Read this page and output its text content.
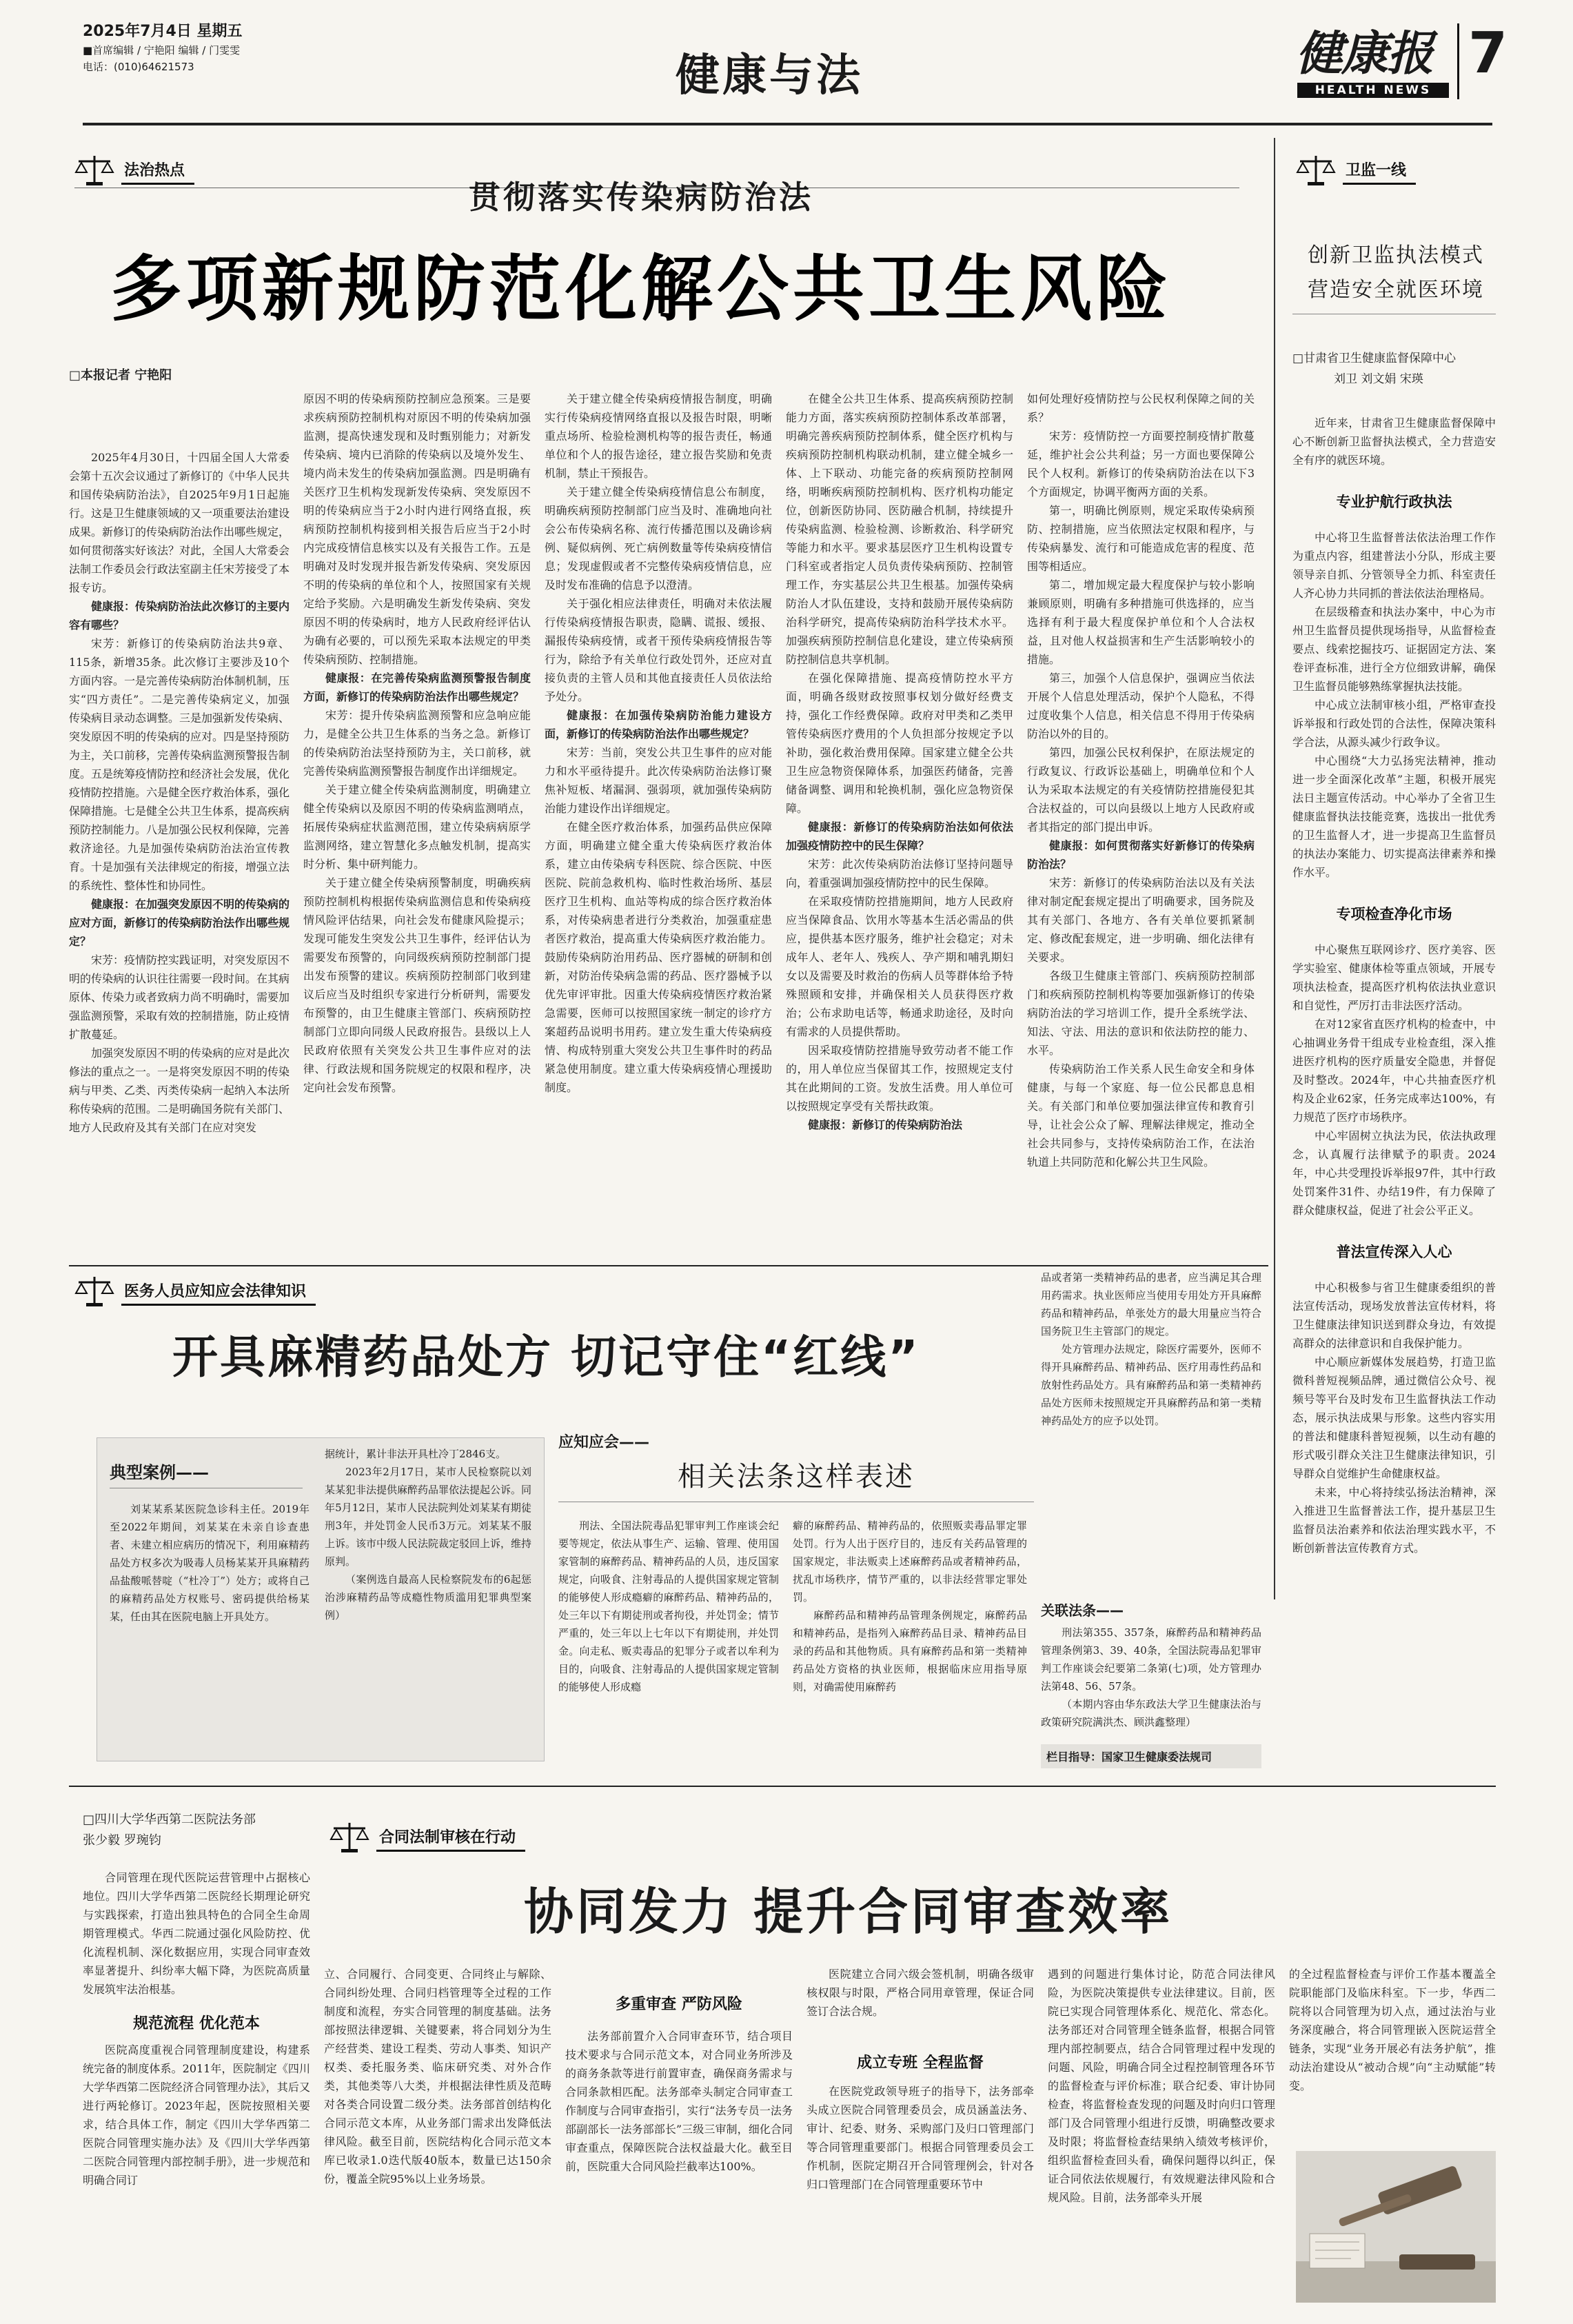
2025年7月4日 星期五
■首席编辑 / 宁艳阳 编辑 / 门雯雯
电话：(010)64621573	健康与法	健康报
HEALTH NEWS
7
法治热点
贯彻落实传染病防治法
多项新规防范化解公共卫生风险
□本报记者 宁艳阳

2025年4月30日，十四届全国人大常委会第十五次会议通过了新修订的《中华人民共和国传染病防治法》，自2025年9月1日起施行。这是卫生健康领域的又一项重要法治建设成果。新修订的传染病防治法作出哪些规定，如何贯彻落实好该法？对此，全国人大常委会法制工作委员会行政法室副主任宋芳接受了本报专访。

健康报：传染病防治法此次修订的主要内容有哪些？

宋芳：新修订的传染病防治法共9章、115条，新增35条。此次修订主要涉及10个方面内容。一是完善传染病防治体制机制，压实“四方责任”。二是完善传染病定义，加强传染病目录动态调整。三是加强新发传染病、突发原因不明的传染病的应对。四是坚持预防为主，关口前移，完善传染病监测预警报告制度。五是统筹疫情防控和经济社会发展，优化疫情防控措施。六是健全医疗救治体系，强化保障措施。七是健全公共卫生体系，提高疾病预防控制能力。八是加强公民权利保障，完善救济途径。九是加强传染病防治法治宣传教育。十是加强有关法律规定的衔接，增强立法的系统性、整体性和协同性。

健康报：在加强突发原因不明的传染病的应对方面，新修订的传染病防治法作出哪些规定？

宋芳：疫情防控实践证明，对突发原因不明的传染病的认识往往需要一段时间。在其病原体、传染力或者致病力尚不明确时，需要加强监测预警，采取有效的控制措施，防止疫情扩散蔓延。

加强突发原因不明的传染病的应对是此次修法的重点之一。一是将突发原因不明的传染病与甲类、乙类、丙类传染病一起纳入本法所称传染病的范围。二是明确国务院有关部门、地方人民政府及其有关部门在应对突发

原因不明的传染病预防控制应急预案。三是要求疾病预防控制机构对原因不明的传染病加强监测，提高快速发现和及时甄别能力；对新发传染病、境内已消除的传染病以及境外发生、境内尚未发生的传染病加强监测。四是明确有关医疗卫生机构发现新发传染病、突发原因不明的传染病应当于2小时内进行网络直报，疾病预防控制机构接到相关报告后应当于2小时内完成疫情信息核实以及有关报告工作。五是明确对及时发现并报告新发传染病、突发原因不明的传染病的单位和个人，按照国家有关规定给予奖励。六是明确发生新发传染病、突发原因不明的传染病时，地方人民政府经评估认为确有必要的，可以预先采取本法规定的甲类传染病预防、控制措施。

健康报：在完善传染病监测预警报告制度方面，新修订的传染病防治法作出哪些规定？

宋芳：提升传染病监测预警和应急响应能力，是健全公共卫生体系的当务之急。新修订的传染病防治法坚持预防为主，关口前移，就完善传染病监测预警报告制度作出详细规定。

关于建立健全传染病监测制度，明确建立健全传染病以及原因不明的传染病监测哨点，拓展传染病症状监测范围，建立传染病病原学监测网络，建立智慧化多点触发机制，提高实时分析、集中研判能力。

关于建立健全传染病预警制度，明确疾病预防控制机构根据传染病监测信息和传染病疫情风险评估结果，向社会发布健康风险提示；发现可能发生突发公共卫生事件，经评估认为需要发布预警的，向同级疾病预防控制部门提出发布预警的建议。疾病预防控制部门收到建议后应当及时组织专家进行分析研判，需要发布预警的，由卫生健康主管部门、疾病预防控制部门立即向同级人民政府报告。县级以上人民政府依照有关突发公共卫生事件应对的法律、行政法规和国务院规定的权限和程序，决定向社会发布预警。

关于建立健全传染病疫情报告制度，明确实行传染病疫情网络直报以及报告时限，明晰重点场所、检验检测机构等的报告责任，畅通单位和个人的报告途径，建立报告奖励和免责机制，禁止干预报告。

关于建立健全传染病疫情信息公布制度，明确疾病预防控制部门应当及时、准确地向社会公布传染病名称、流行传播范围以及确诊病例、疑似病例、死亡病例数量等传染病疫情信息；发现虚假或者不完整传染病疫情信息，应及时发布准确的信息予以澄清。

关于强化相应法律责任，明确对未依法履行传染病疫情报告职责，隐瞒、谎报、缓报、漏报传染病疫情，或者干预传染病疫情报告等行为，除给予有关单位行政处罚外，还应对直接负责的主管人员和其他直接责任人员依法给予处分。

健康报：在加强传染病防治能力建设方面，新修订的传染病防治法作出哪些规定？

宋芳：当前，突发公共卫生事件的应对能力和水平亟待提升。此次传染病防治法修订聚焦补短板、堵漏洞、强弱项，就加强传染病防治能力建设作出详细规定。

在健全医疗救治体系，加强药品供应保障方面，明确建立健全重大传染病医疗救治体系，建立由传染病专科医院、综合医院、中医医院、院前急救机构、临时性救治场所、基层医疗卫生机构、血站等构成的综合医疗救治体系，对传染病患者进行分类救治，加强重症患者医疗救治，提高重大传染病医疗救治能力。鼓励传染病防治用药品、医疗器械的研制和创新，对防治传染病急需的药品、医疗器械予以优先审评审批。因重大传染病疫情医疗救治紧急需要，医师可以按照国家统一制定的诊疗方案超药品说明书用药。建立发生重大传染病疫情、构成特别重大突发公共卫生事件时的药品紧急使用制度。建立重大传染病疫情心理援助制度。

在健全公共卫生体系、提高疾病预防控制能力方面，落实疾病预防控制体系改革部署，明确完善疾病预防控制体系，健全医疗机构与疾病预防控制机构联动机制，建立健全城乡一体、上下联动、功能完备的疾病预防控制网络，明晰疾病预防控制机构、医疗机构功能定位，创新医防协同、医防融合机制，持续提升传染病监测、检验检测、诊断救治、科学研究等能力和水平。要求基层医疗卫生机构设置专门科室或者指定人员负责传染病预防、控制管理工作，夯实基层公共卫生根基。加强传染病防治人才队伍建设，支持和鼓励开展传染病防治科学研究，提高传染病防治科学技术水平。加强疾病预防控制信息化建设，建立传染病预防控制信息共享机制。

在强化保障措施、提高疫情防控水平方面，明确各级财政按照事权划分做好经费支持，强化工作经费保障。政府对甲类和乙类甲管传染病医疗费用的个人负担部分按规定予以补助，强化救治费用保障。国家建立健全公共卫生应急物资保障体系，加强医药储备，完善储备调整、调用和轮换机制，强化应急物资保障。

健康报：新修订的传染病防治法如何依法加强疫情防控中的民生保障？

宋芳：此次传染病防治法修订坚持问题导向，着重强调加强疫情防控中的民生保障。

在采取疫情防控措施期间，地方人民政府应当保障食品、饮用水等基本生活必需品的供应，提供基本医疗服务，维护社会稳定；对未成年人、老年人、残疾人、孕产期和哺乳期妇女以及需要及时救治的伤病人员等群体给予特殊照顾和安排，并确保相关人员获得医疗救治；公布求助电话等，畅通求助途径，及时向有需求的人员提供帮助。

因采取疫情防控措施导致劳动者不能工作的，用人单位应当保留其工作，按照规定支付其在此期间的工资。发放生活费。用人单位可以按照规定享受有关帮扶政策。

健康报：新修订的传染病防治法

如何处理好疫情防控与公民权利保障之间的关系？

宋芳：疫情防控一方面要控制疫情扩散蔓延，维护社会公共利益；另一方面也要保障公民个人权利。新修订的传染病防治法在以下3个方面规定，协调平衡两方面的关系。

第一，明确比例原则，规定采取传染病预防、控制措施，应当依照法定权限和程序，与传染病暴发、流行和可能造成危害的程度、范围等相适应。

第二，增加规定最大程度保护与较小影响兼顾原则，明确有多种措施可供选择的，应当选择有利于最大程度保护单位和个人合法权益，且对他人权益损害和生产生活影响较小的措施。

第三，加强个人信息保护，强调应当依法开展个人信息处理活动，保护个人隐私，不得过度收集个人信息，相关信息不得用于传染病防治以外的目的。

第四，加强公民权利保护，在原法规定的行政复议、行政诉讼基础上，明确单位和个人认为采取本法规定的有关疫情防控措施侵犯其合法权益的，可以向县级以上地方人民政府或者其指定的部门提出申诉。

健康报：如何贯彻落实好新修订的传染病防治法？

宋芳：新修订的传染病防治法以及有关法律对制定配套规定提出了明确要求，国务院及其有关部门、各地方、各有关单位要抓紧制定、修改配套规定，进一步明确、细化法律有关要求。

各级卫生健康主管部门、疾病预防控制部门和疾病预防控制机构等要加强新修订的传染病防治法的学习培训工作，提升全系统学法、知法、守法、用法的意识和依法防控的能力、水平。

传染病防治工作关系人民生命安全和身体健康，与每一个家庭、每一位公民都息息相关。有关部门和单位要加强法律宣传和教育引导，让社会公众了解、理解法律规定，推动全社会共同参与，支持传染病防治工作，在法治轨道上共同防范和化解公共卫生风险。

卫监一线
创新卫监执法模式
营造安全就医环境
□甘肃省卫生健康监督保障中心
刘卫 刘文娟 宋瑛

近年来，甘肃省卫生健康监督保障中心不断创新卫监督执法模式，全力营造安全有序的就医环境。

专业护航行政执法

中心将卫生监督普法依法治理工作作为重点内容，组建普法小分队，形成主要领导亲自抓、分管领导全力抓、科室责任人齐心协力共同抓的普法依法治理格局。

在层级稽查和执法办案中，中心为市州卫生监督员提供现场指导，从监督检查要点、线索挖掘技巧、证据固定方法、案卷评查标准，进行全方位细致讲解，确保卫生监督员能够熟练掌握执法技能。

中心成立法制审核小组，严格审查投诉举报和行政处罚的合法性，保障决策科学合法，从源头减少行政争议。

中心围绕“大力弘扬宪法精神，推动进一步全面深化改革”主题，积极开展宪法日主题宣传活动。中心举办了全省卫生健康监督执法技能竞赛，选拔出一批优秀的卫生监督人才，进一步提高卫生监督员的执法办案能力、切实提高法律素养和操作水平。

专项检查净化市场

中心聚焦互联网诊疗、医疗美容、医学实验室、健康体检等重点领域，开展专项执法检查，提高医疗机构依法执业意识和自觉性，严厉打击非法医疗活动。

在对12家省直医疗机构的检查中，中心抽调业务骨干组成专业检查组，深入推进医疗机构的医疗质量安全隐患，并督促及时整改。2024年，中心共抽查医疗机构及企业62家，任务完成率达100%，有力规范了医疗市场秩序。

中心牢固树立执法为民，依法执政理念，认真履行法律赋予的职责。2024年，中心共受理投诉举报97件，其中行政处罚案件31件、办结19件，有力保障了群众健康权益，促进了社会公平正义。

普法宣传深入人心

中心积极参与省卫生健康委组织的普法宣传活动，现场发放普法宣传材料，将卫生健康法律知识送到群众身边，有效提高群众的法律意识和自我保护能力。

中心顺应新媒体发展趋势，打造卫监微科普短视频品牌，通过微信公众号、视频号等平台及时发布卫生监督执法工作动态，展示执法成果与形象。这些内容实用的普法和健康科普短视频，以生动有趣的形式吸引群众关注卫生健康法律知识，引导群众自觉维护生命健康权益。

未来，中心将持续弘扬法治精神，深入推进卫生监督普法工作，提升基层卫生监督员法治素养和依法治理实践水平，不断创新普法宣传教育方式。

医务人员应知应会法律知识
开具麻精药品处方 切记守住“红线”
典型案例——

刘某某系某医院急诊科主任。2019年至2022年期间，刘某某在未亲自诊查患者、未建立相应病历的情况下，利用麻精药品处方权多次为吸毒人员杨某某开具麻精药品盐酸哌替啶（“杜冷丁”）处方；或将自己的麻精药品处方权账号、密码提供给杨某某，任由其在医院电脑上开具处方。

据统计，累计非法开具杜冷丁2846支。

2023年2月17日，某市人民检察院以刘某某犯非法提供麻醉药品罪依法提起公诉。同年5月12日，某市人民法院判处刘某某有期徒刑3年，并处罚金人民币3万元。刘某某不服上诉。该市中级人民法院裁定驳回上诉，维持原判。

（案例选自最高人民检察院发布的6起惩治涉麻精药品等成瘾性物质滥用犯罪典型案例）

应知应会——
相关法条这样表述

刑法、全国法院毒品犯罪审判工作座谈会纪要等规定，依法从事生产、运输、管理、使用国家管制的麻醉药品、精神药品的人员，违反国家规定，向吸食、注射毒品的人提供国家规定管制的能够使人形成瘾癖的麻醉药品、精神药品的，处三年以下有期徒刑或者拘役，并处罚金；情节严重的，处三年以上七年以下有期徒刑，并处罚金。向走私、贩卖毒品的犯罪分子或者以牟利为目的，向吸食、注射毒品的人提供国家规定管制的能够使人形成瘾

癖的麻醉药品、精神药品的，依照贩卖毒品罪定罪处罚。行为人出于医疗目的，违反有关药品管理的国家规定，非法贩卖上述麻醉药品或者精神药品，扰乱市场秩序，情节严重的，以非法经营罪定罪处罚。

麻醉药品和精神药品管理条例规定，麻醉药品和精神药品，是指列入麻醉药品目录、精神药品目录的药品和其他物质。具有麻醉药品和第一类精神药品处方资格的执业医师，根据临床应用指导原则，对确需使用麻醉药

品或者第一类精神药品的患者，应当满足其合理用药需求。执业医师应当使用专用处方开具麻醉药品和精神药品，单张处方的最大用量应当符合国务院卫生主管部门的规定。

处方管理办法规定，除医疗需要外，医师不得开具麻醉药品、精神药品、医疗用毒性药品和放射性药品处方。具有麻醉药品和第一类精神药品处方医师未按照规定开具麻醉药品和第一类精神药品处方的应予以处罚。

关联法条——

刑法第355、357条，麻醉药品和精神药品管理条例第3、39、40条，全国法院毒品犯罪审判工作座谈会纪要第二条第(七)项，处方管理办法第48、56、57条。

（本期内容由华东政法大学卫生健康法治与政策研究院满洪杰、顾洪鑫整理）

栏目指导：国家卫生健康委法规司
□四川大学华西第二医院法务部
张少毅 罗琬钧	合同法制审核在行动
协同发力 提升合同审查效率

合同管理在现代医院运营管理中占据核心地位。四川大学华西第二医院经长期理论研究与实践探索，打造出独具特色的合同全生命周期管理模式。华西二院通过强化风险防控、优化流程机制、深化数据应用，实现合同审查效率显著提升、纠纷率大幅下降，为医院高质量发展筑牢法治根基。

规范流程 优化范本

医院高度重视合同管理制度建设，构建系统完备的制度体系。2011年，医院制定《四川大学华西第二医院经济合同管理办法》，其后又进行两轮修订。2023年起，医院按照相关要求，结合具体工作，制定《四川大学华西第二医院合同管理实施办法》及《四川大学华西第二医院合同管理内部控制手册》，进一步规范和明确合同订

立、合同履行、合同变更、合同终止与解除、合同纠纷处理、合同归档管理等全过程的工作制度和流程，夯实合同管理的制度基础。法务部按照法律逻辑、关键要素，将合同划分为生产经营类、建设工程类、劳动人事类、知识产权类、委托服务类、临床研究类、对外合作类，其他类等八大类，并根据法律性质及范畴对各类合同设置二级分类。法务部首创结构化合同示范文本库，从业务部门需求出发降低法律风险。截至目前，医院结构化合同示范文本库已收录1.0迭代版40版本，数量已达150余份，覆盖全院95%以上业务场景。

多重审查 严防风险

法务部前置介入合同审查环节，结合项目技术要求与合同示范文本，对合同业务所涉及的商务条款等进行前置审查，确保商务需求与合同条款相匹配。法务部牵头制定合同审查工作制度与合同审查指引，实行“法务专员一法务部副部长一法务部部长”三级三审制，细化合同审查重点，保障医院合法权益最大化。截至目前，医院重大合同风险拦截率达100%。

医院建立合同六级会签机制，明确各级审核权限与时限，严格合同用章管理，保证合同签订合法合规。

成立专班 全程监督

在医院党政领导班子的指导下，法务部牵头成立医院合同管理委员会，成员涵盖法务、审计、纪委、财务、采购部门及归口管理部门等合同管理重要部门。根据合同管理委员会工作机制，医院定期召开合同管理例会，针对各归口管理部门在合同管理重要环节中

遇到的问题进行集体讨论，防范合同法律风险，为医院决策提供专业法律建议。目前，医院已实现合同管理体系化、规范化、常态化。法务部还对合同管理全链条监督，根据合同管理内部控制要点，结合合同管理过程中发现的问题、风险，明确合同全过程控制管理各环节的监督检查与评价标准；联合纪委、审计协同检查，将监督检查发现的问题及时向归口管理部门及合同管理小组进行反馈，明确整改要求及时限；将监督检查结果纳入绩效考核评价，组织监督检查回头看，确保问题得以纠正，保证合同依法依规履行，有效规避法律风险和合规风险。目前，法务部牵头开展

的全过程监督检查与评价工作基本覆盖全院职能部门及临床科室。下一步，华西二院将以合同管理为切入点，通过法治与业务深度融合，将合同管理嵌入医院运营全链条，实现“业务开展必有法务护航”，推动法治建设从“被动合规”向“主动赋能”转变。
